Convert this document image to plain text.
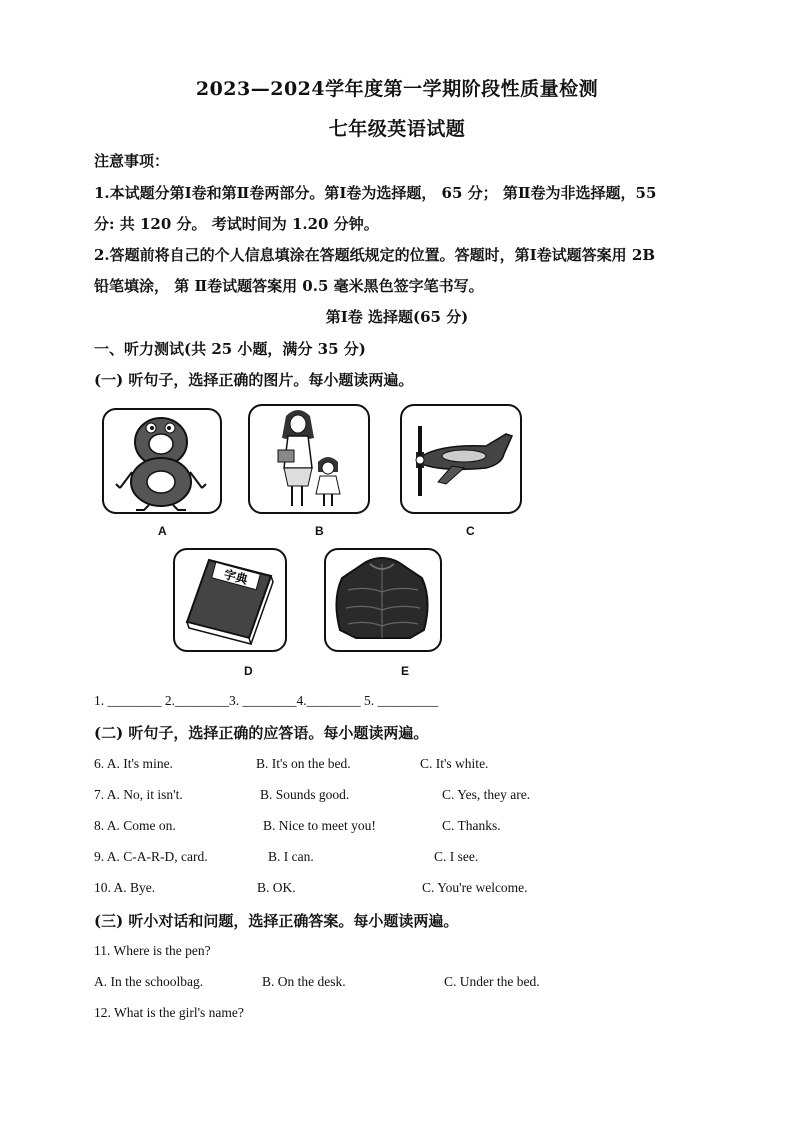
2023—2024学年度第一学期阶段性质量检测
七年级英语试题
注意事项：
1.本试题分第Ⅰ卷和第Ⅱ卷两部分。第Ⅰ卷为选择题， 65 分； 第Ⅱ卷为非选择题，55
分: 共 120 分。 考试时间为 1.20 分钟。
2.答题前将自己的个人信息填涂在答题纸规定的位置。答题时，第Ⅰ卷试题答案用 2B
铅笔填涂， 第 Ⅱ卷试题答案用 0.5 毫米黑色签字笔书写。
第Ⅰ卷 选择题(65 分)
一、听力测试(共 25 小题，满分 35 分)
(一) 听句子，选择正确的图片。每小题读两遍。
A	B	C
字典
D	E
1. ________ 2.________3. ________4.________ 5. _________
(二) 听句子，选择正确的应答语。每小题读两遍。
6. A. It's mine.	B. It's on the bed.	C. It's white.
7. A. No, it isn't.	B. Sounds good.	C. Yes, they are.
8. A. Come on.	B. Nice to meet you!	C. Thanks.
9. A. C-A-R-D, card.	B. I can.	C. I see.
10. A. Bye.	B. OK.	C. You're welcome.
(三) 听小对话和问题，选择正确答案。每小题读两遍。
11. Where is the pen?
A. In the schoolbag.	B. On the desk.	C. Under the bed.
12. What is the girl's name?
